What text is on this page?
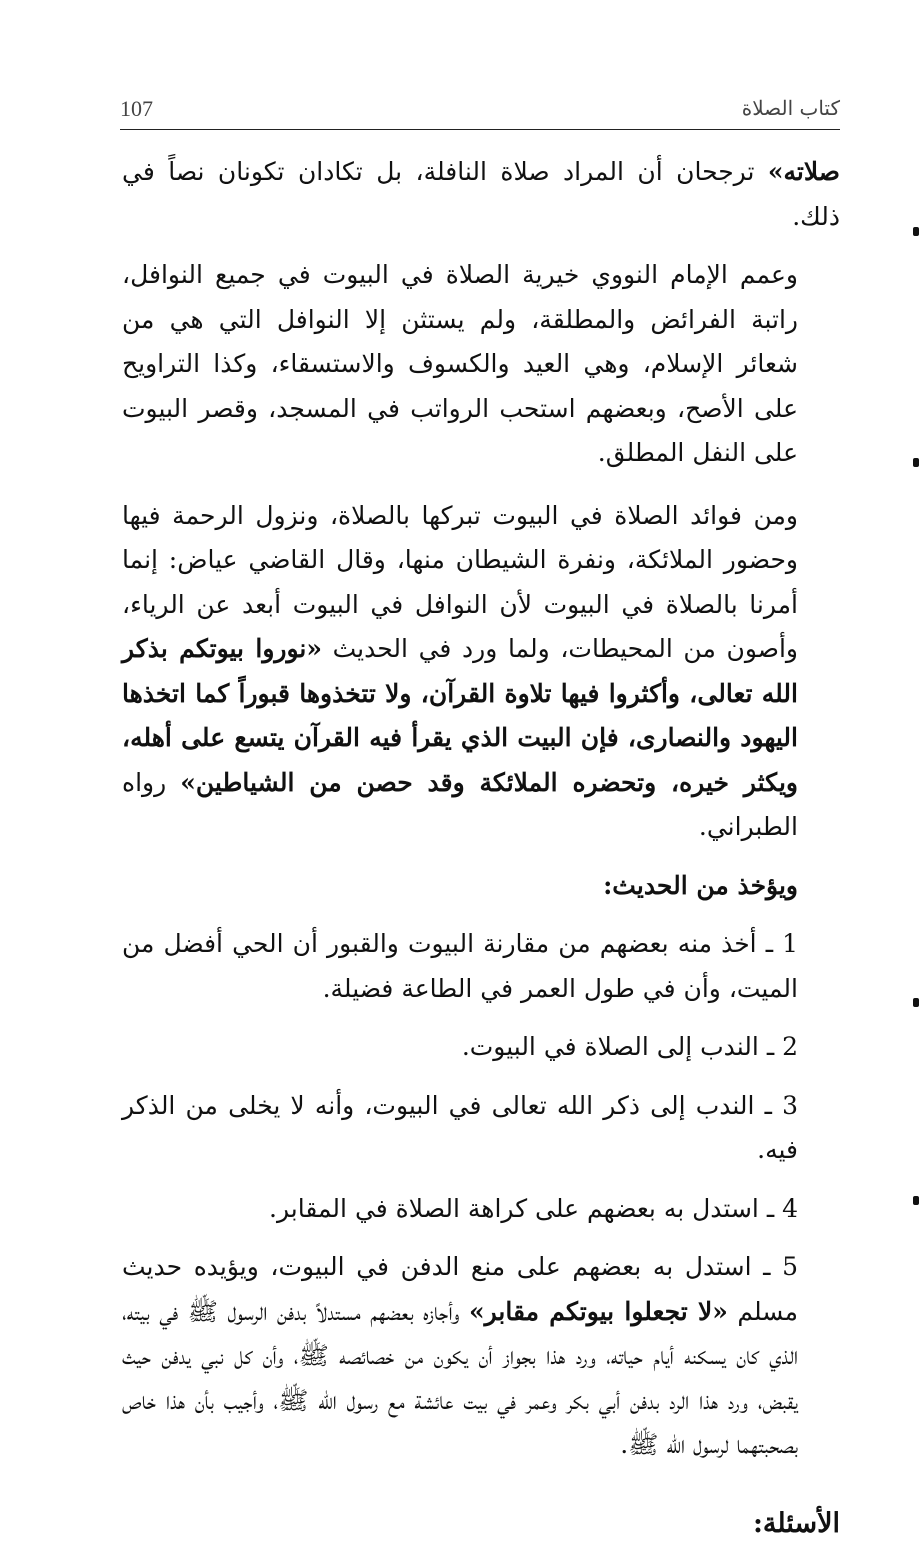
107	كتاب الصلاة

صلاته» ترجحان أن المراد صلاة النافلة، بل تكادان تكونان نصاً في ذلك.

وعمم الإمام النووي خيرية الصلاة في البيوت في جميع النوافل، راتبة الفرائض والمطلقة، ولم يستثن إلا النوافل التي هي من شعائر الإسلام، وهي العيد والكسوف والاستسقاء، وكذا التراويح على الأصح، وبعضهم استحب الرواتب في المسجد، وقصر البيوت على النفل المطلق.

ومن فوائد الصلاة في البيوت تبركها بالصلاة، ونزول الرحمة فيها وحضور الملائكة، ونفرة الشيطان منها، وقال القاضي عياض: إنما أمرنا بالصلاة في البيوت لأن النوافل في البيوت أبعد عن الرياء، وأصون من المحيطات، ولما ورد في الحديث «نوروا بيوتكم بذكر الله تعالى، وأكثروا فيها تلاوة القرآن، ولا تتخذوها قبوراً كما اتخذها اليهود والنصارى، فإن البيت الذي يقرأ فيه القرآن يتسع على أهله، ويكثر خيره، وتحضره الملائكة وقد حصن من الشياطين» رواه الطبراني.

ويؤخذ من الحديث:

1 ـ أخذ منه بعضهم من مقارنة البيوت والقبور أن الحي أفضل من الميت، وأن في طول العمر في الطاعة فضيلة.

2 ـ الندب إلى الصلاة في البيوت.

3 ـ الندب إلى ذكر الله تعالى في البيوت، وأنه لا يخلى من الذكر فيه.

4 ـ استدل به بعضهم على كراهة الصلاة في المقابر.

5 ـ استدل به بعضهم على منع الدفن في البيوت، ويؤيده حديث مسلم «لا تجعلوا بيوتكم مقابر» وأجازه بعضهم مستدلاً بدفن الرسول ﷺ في بيته، الذي كان يسكنه أيام حياته، ورد هذا بجواز أن يكون من خصائصه ﷺ، وأن كل نبي يدفن حيث يقبض، ورد هذا الرد بدفن أبي بكر وعمر في بيت عائشة مع رسول الله ﷺ، وأجيب بأن هذا خاص بصحبتهما لرسول الله ﷺ.

الأسئلة:
